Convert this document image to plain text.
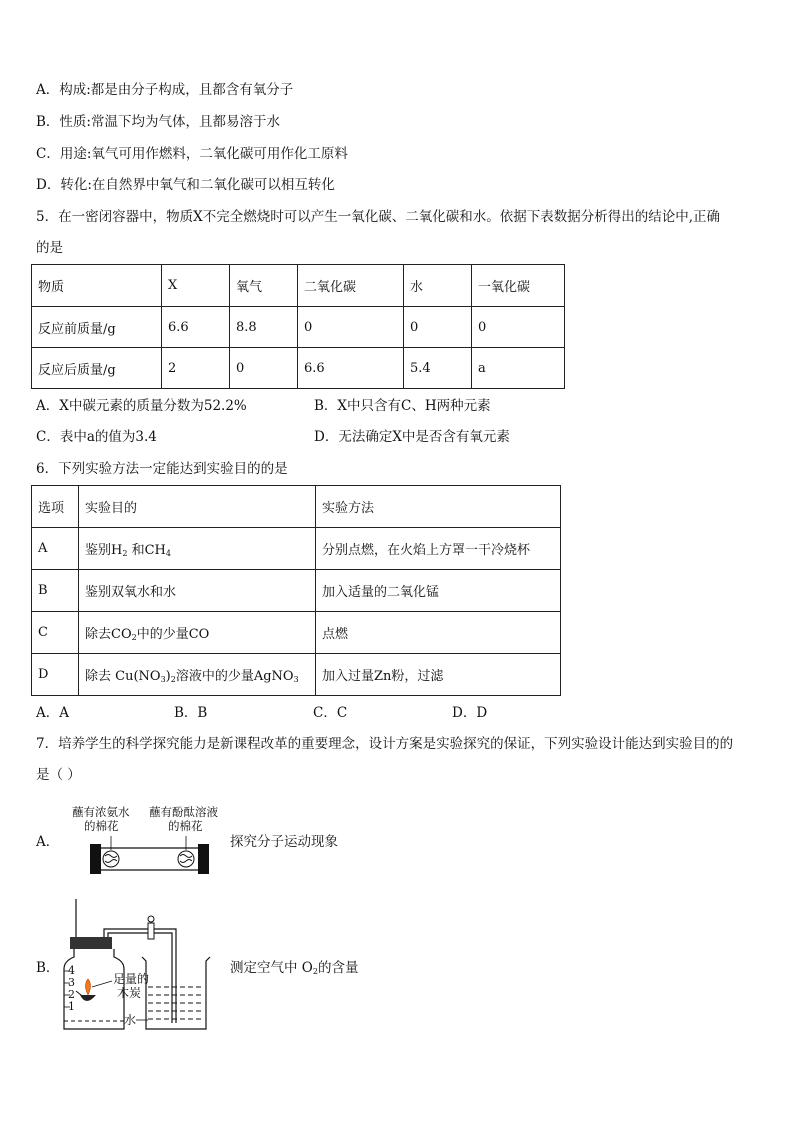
A．构成:都是由分子构成，且都含有氧分子
B．性质:常温下均为气体，且都易溶于水
C．用途:氧气可用作燃料，二氧化碳可用作化工原料
D．转化:在自然界中氧气和二氧化碳可以相互转化
5．在一密闭容器中，物质X不完全燃烧时可以产生一氧化碳、二氧化碳和水。依据下表数据分析得出的结论中,正确
的是
物质	X	氧气	二氧化碳	水	一氧化碳
反应前质量/g	6.6	8.8	0	0	0
反应后质量/g	2	0	6.6	5.4	a
A．X中碳元素的质量分数为52.2%	B．X中只含有C、H两种元素
C．表中a的值为3.4	D．无法确定X中是否含有氧元素
6．下列实验方法一定能达到实验目的的是
选项	实验目的	实验方法
A	鉴别$H_2$ 和$CH_4$	分别点燃，在火焰上方罩一干冷烧杯
B	鉴别双氧水和水	加入适量的二氧化锰
C	除去$CO_2$中的少量CO	点燃
D	除去 $Cu(NO_3)_2$溶液中的少量AgNO$_3$	加入过量Zn粉，过滤
A．A	B．B	C．C	D．D
7．培养学生的科学探究能力是新课程改革的重要理念，设计方案是实验探究的保证，下列实验设计能达到实验目的的
是（ ）
蘸有浓氨水
的棉花
蘸有酚酞溶液
的棉花
A．	探究分子运动现象
B．	测定空气中 $O_2$的含量
4
3
2
1
足量的
木炭
水
